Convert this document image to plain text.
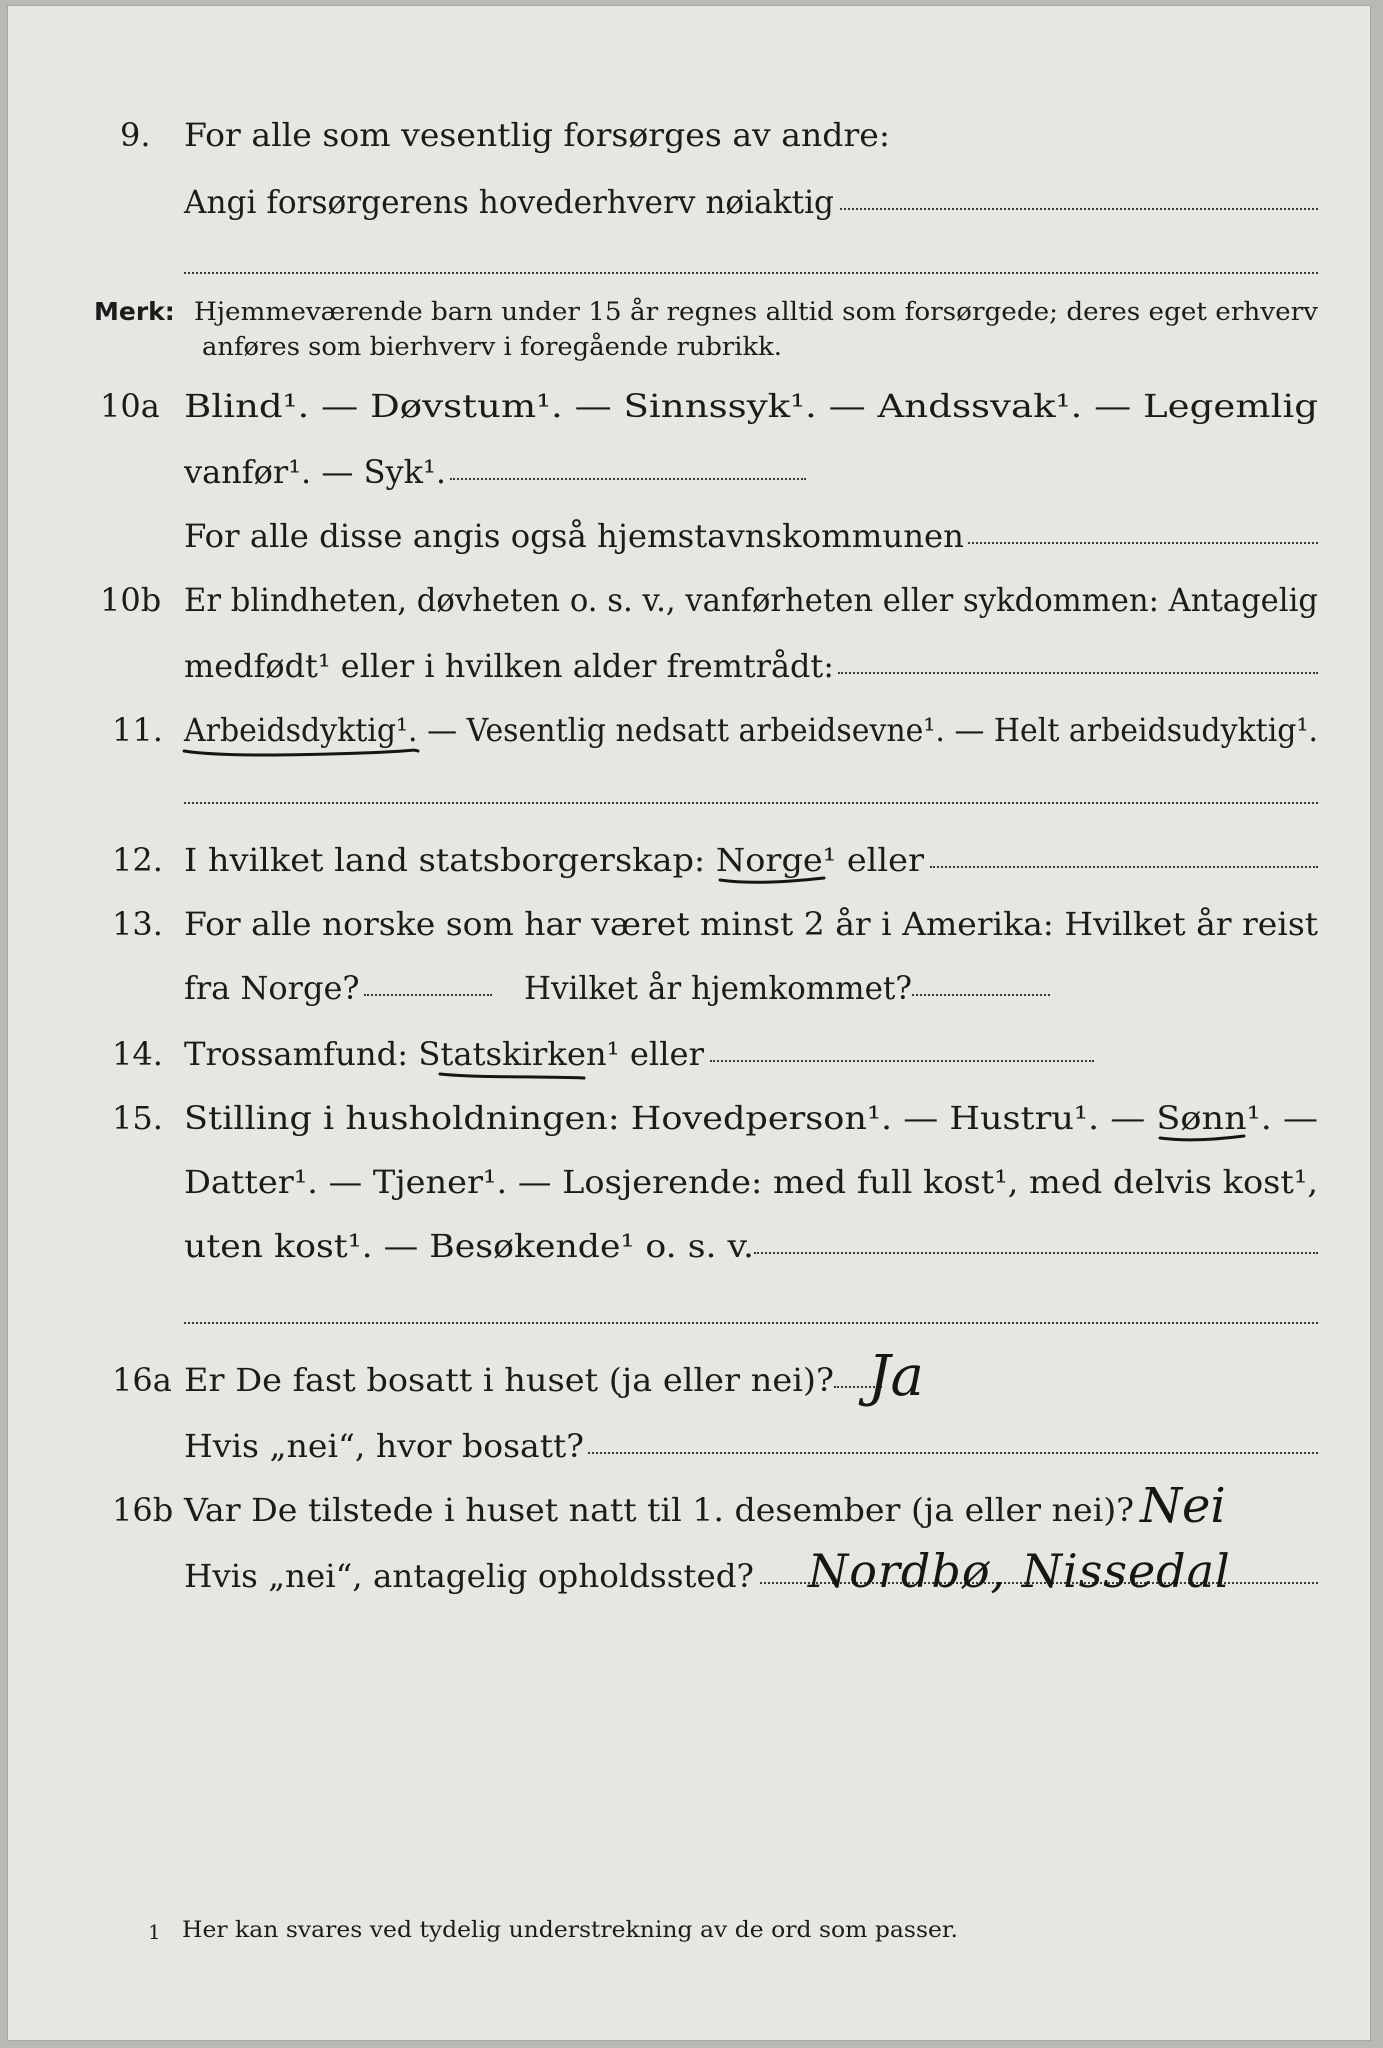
9. For alle som vesentlig forsørges av andre:
Angi forsørgerens hovederhverv nøiaktig
Merk: Hjemmeværende barn under 15 år regnes alltid som forsørgede; deres eget erhverv
anføres som bierhverv i foregående rubrikk.
10a Blind¹. — Døvstum¹. — Sinnssyk¹. — Andssvak¹. — Legemlig
vanfør¹. — Syk¹.
For alle disse angis også hjemstavnskommunen
10b Er blindheten, døvheten o. s. v., vanførheten eller sykdommen: Antagelig
medfødt¹ eller i hvilken alder fremtrådt:
11. Arbeidsdyktig¹. — Vesentlig nedsatt arbeidsevne¹. — Helt arbeidsudyktig¹.
12. I hvilket land statsborgerskap: Norge¹ eller
13. For alle norske som har været minst 2 år i Amerika: Hvilket år reist
fra Norge?	Hvilket år hjemkommet?
14. Trossamfund: Statskirken¹ eller
15. Stilling i husholdningen: Hovedperson¹. — Hustru¹. — Sønn¹. —
Datter¹. — Tjener¹. — Losjerende: med full kost¹, med delvis kost¹,
uten kost¹. — Besøkende¹ o. s. v.
16a Er De fast bosatt i huset (ja eller nei)? Ja
Hvis „nei“, hvor bosatt?
16b Var De tilstede i huset natt til 1. desember (ja eller nei)? Nei
Hvis „nei“, antagelig opholdssted? Nordbø, Nissedal
1 Her kan svares ved tydelig understrekning av de ord som passer.
